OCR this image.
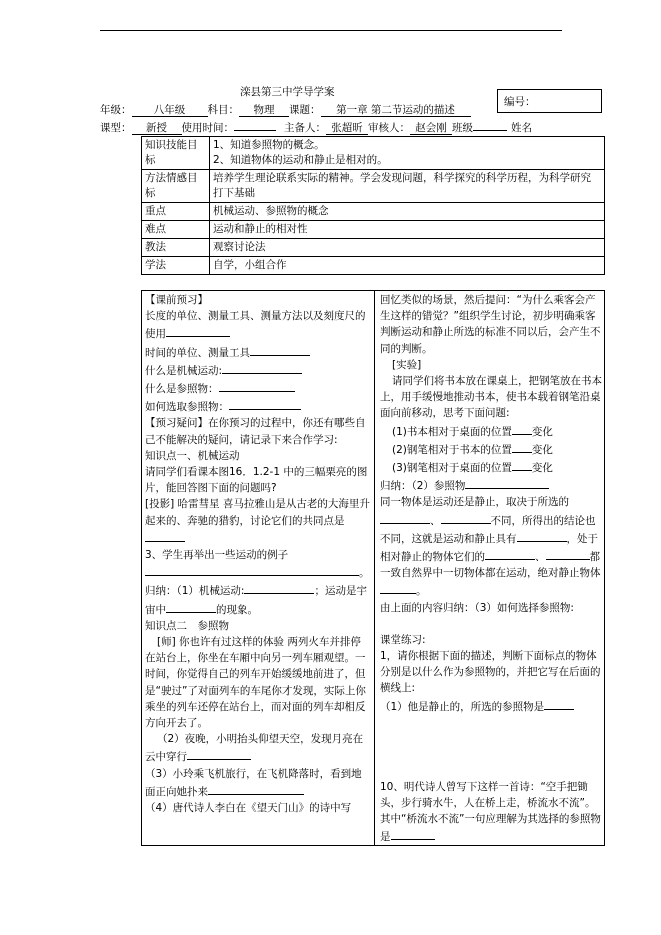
滦县第三中学导学案
编号：
年级： 八年级 科目： 物理 课题： 第一章 第二节运动的描述
课型： 新授 使用时间：	主备人： 张超昕 审核人： 赵会刚 班级	姓名
知识技能目标	1、知道参照物的概念。
2、知道物体的运动和静止是相对的。

方法情感目标	培养学生理论联系实际的精神。学会发现问题，科学探究的科学历程，为科学研究打下基础
重点	机械运动、参照物的概念
难点	运动和静止的相对性
教法	观察讨论法
学法	自学，小组合作

【课前预习】

长度的单位、测量工具、测量方法以及刻度尺的使用

时间的单位、测量工具

什么是机械运动:

什么是参照物：

如何选取参照物：

【预习疑问】在你预习的过程中，你还有哪些自己不能解决的疑问，请记录下来合作学习:

知识点一、机械运动

请同学们看课本图16．1.2-1 中的三幅栗亮的图片，能回答图下面的问题吗?

[投影] 哈雷彗星 喜马拉雅山是从古老的大海里升起来的、奔驰的猎豹，讨论它们的共同点是

3、学生再举出一些运动的例子

。

归纳：（1）机械运动:	；运动是宇宙中	的现象。

知识点二　参照物

[师] 你也许有过这样的体验 两列火车并排停在站台上，你坐在车厢中向另一列车厢观望。一时间，你觉得自己的列车开始缓缓地前进了，但是“驶过”了对面列车的车尾你才发现，实际上你乘坐的列车还停在站台上，而对面的列车却相反方向开去了。

（2）夜晚，小明抬头仰望天空，发现月亮在云中穿行

（3）小玲乘飞机旅行，在飞机降落时，看到地面正向她扑来

（4）唐代诗人李白在《望天门山》的诗中写

回忆类似的场景，然后提问：“为什么乘客会产生这样的错觉？”组织学生讨论，初步明确乘客判断运动和静止所选的标准不同以后，会产生不同的判断。

[实验]

请同学们将书本放在课桌上，把钢笔放在书本上，用手缓慢地推动书本，使书本载着钢笔沿桌面向前移动，思考下面问题:

(1)书本相对于桌面的位置 变化

(2)钢笔相对于书本的位置 变化

(3)钢笔相对于桌面的位置 变化

归纳：（2）参照物

同一物体是运动还是静止，取决于所选的、	不同，所得出的结论也不同，这就是运动和静止具有	，处于相对静止的物体它们的	、	都一致自然界中一切物体都在运动，绝对静止物体。

由上面的内容归纳：（3）如何选择参照物:

课堂练习:

1，请你根据下面的描述，判断下面标点的物体分别是以什么作为参照物的，并把它写在后面的横线上:

（1）他是静止的，所选的参照物是

10、明代诗人曾写下这样一首诗：“空手把锄头，步行骑水牛，人在桥上走，桥流水不流”。其中“桥流水不流”一句应理解为其选择的参照物是
